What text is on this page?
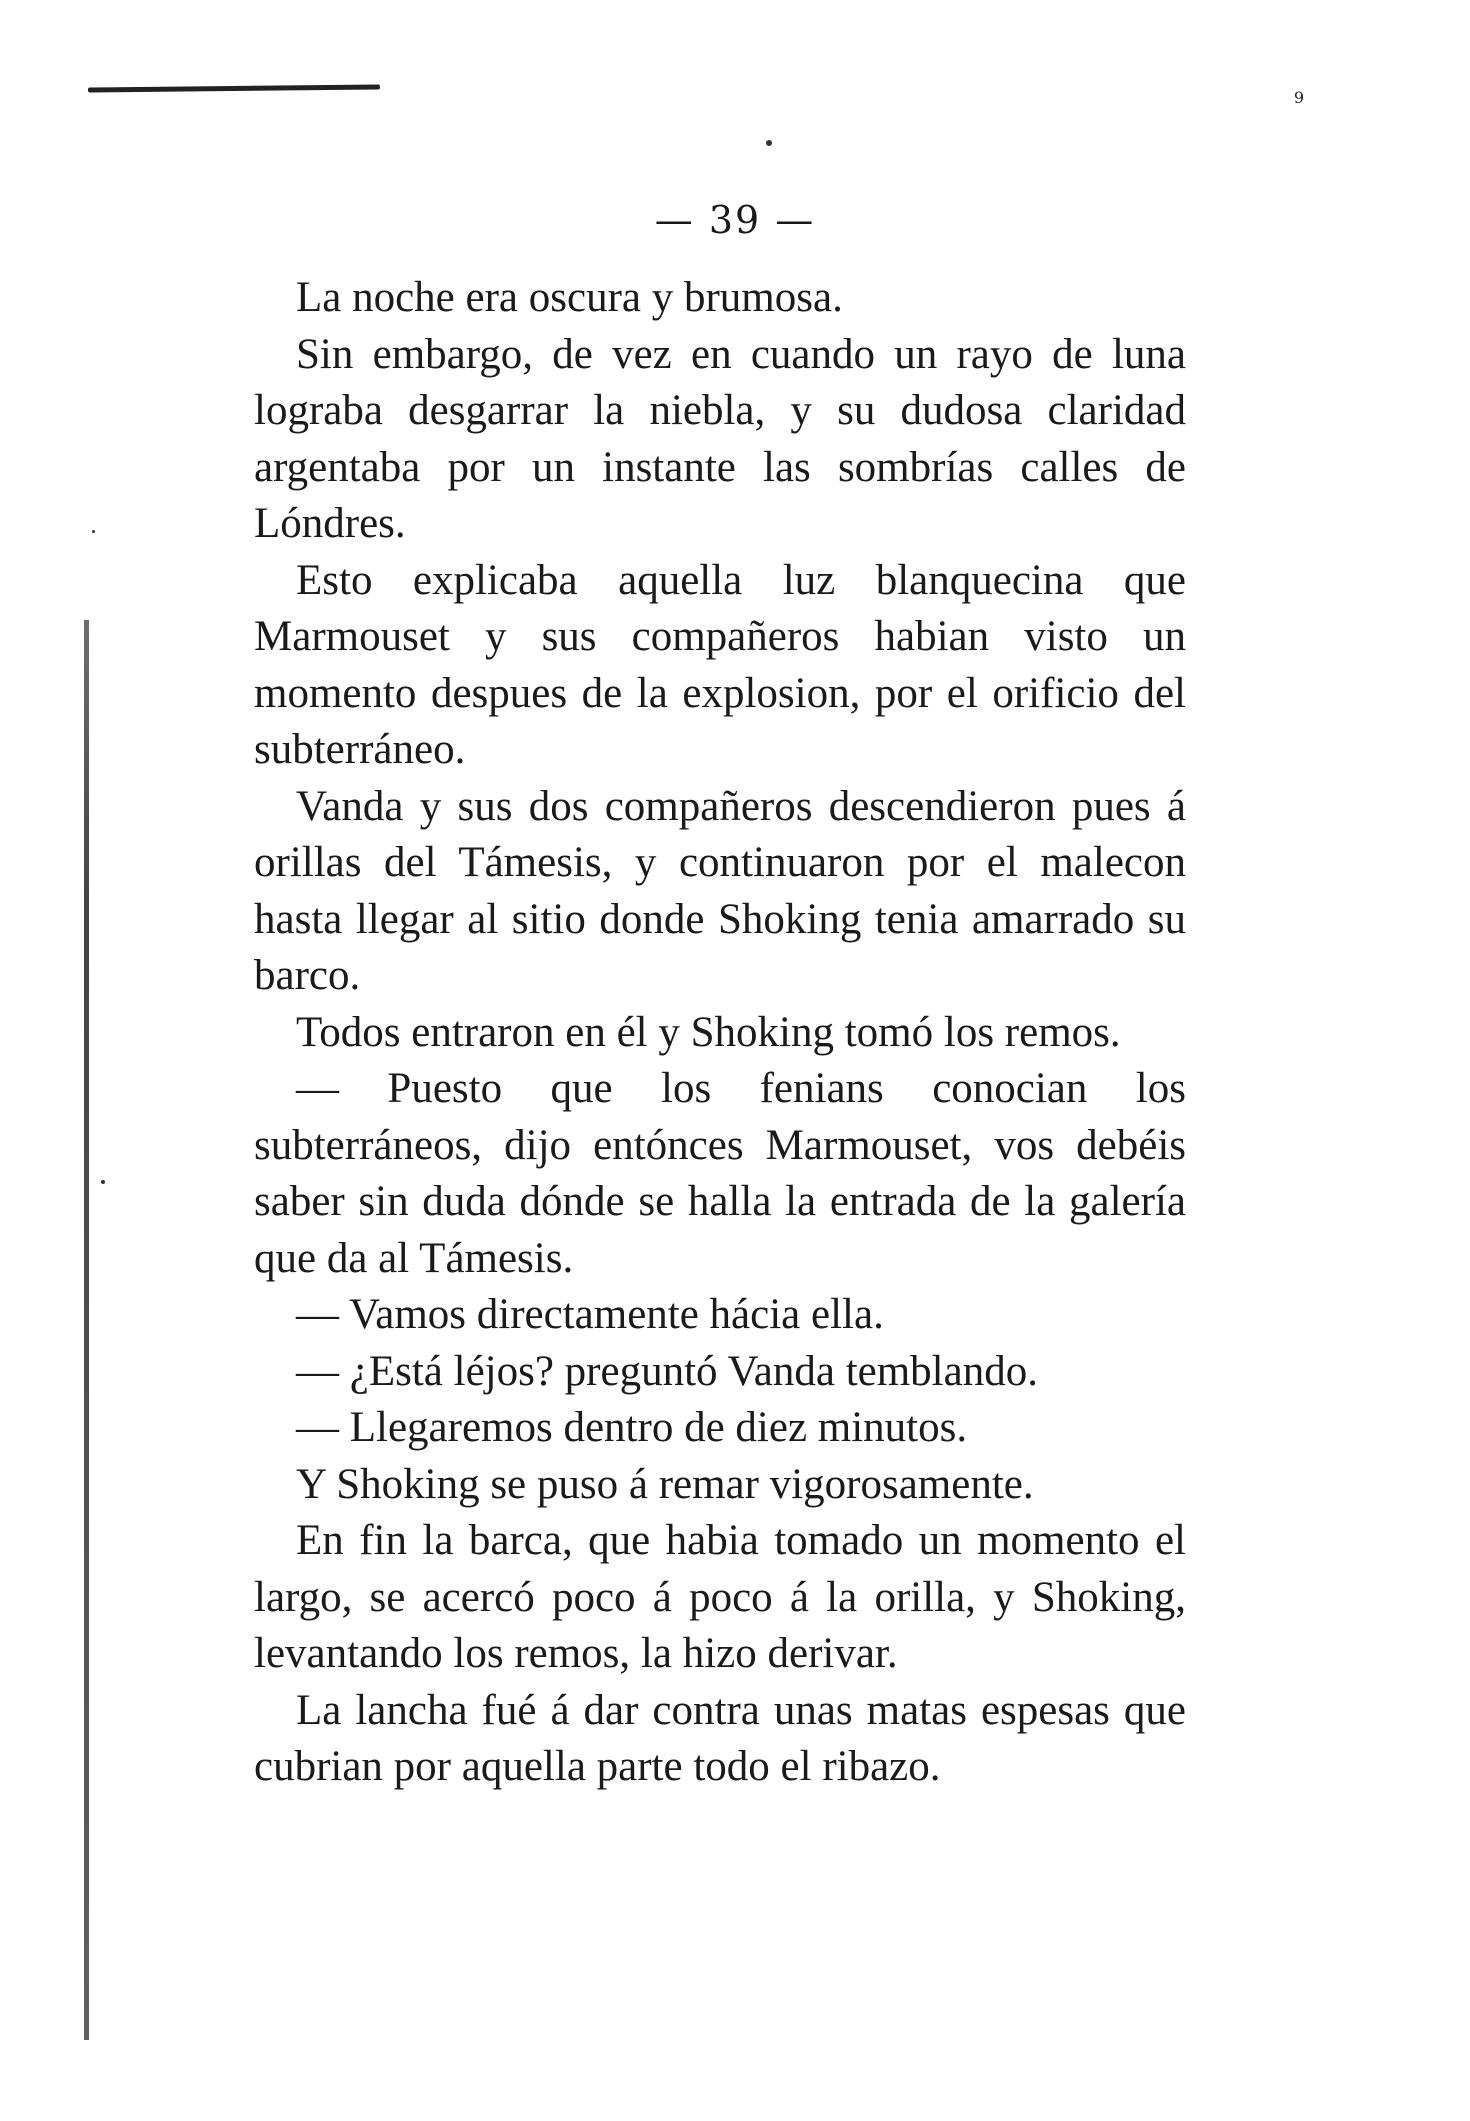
9
— 39 —

La noche era oscura y brumosa.

Sin embargo, de vez en cuando un rayo de luna lograba desgarrar la niebla, y su dudosa claridad argentaba por un instante las sombrías calles de Lóndres.

Esto explicaba aquella luz blanquecina que Marmouset y sus compañeros habian visto un momento despues de la explosion, por el orificio del subterráneo.

Vanda y sus dos compañeros descendieron pues á orillas del Támesis, y continuaron por el malecon hasta llegar al sitio donde Shoking tenia amarrado su barco.

Todos entraron en él y Shoking tomó los remos.

— Puesto que los fenians conocian los subterráneos, dijo entónces Marmouset, vos debéis saber sin duda dónde se halla la entrada de la galería que da al Támesis.

— Vamos directamente hácia ella.

— ¿Está léjos? preguntó Vanda temblando.

— Llegaremos dentro de diez minutos.

Y Shoking se puso á remar vigorosamente.

En fin la barca, que habia tomado un momento el largo, se acercó poco á poco á la orilla, y Shoking, levantando los remos, la hizo derivar.

La lancha fué á dar contra unas matas espesas que cubrian por aquella parte todo el ribazo.
